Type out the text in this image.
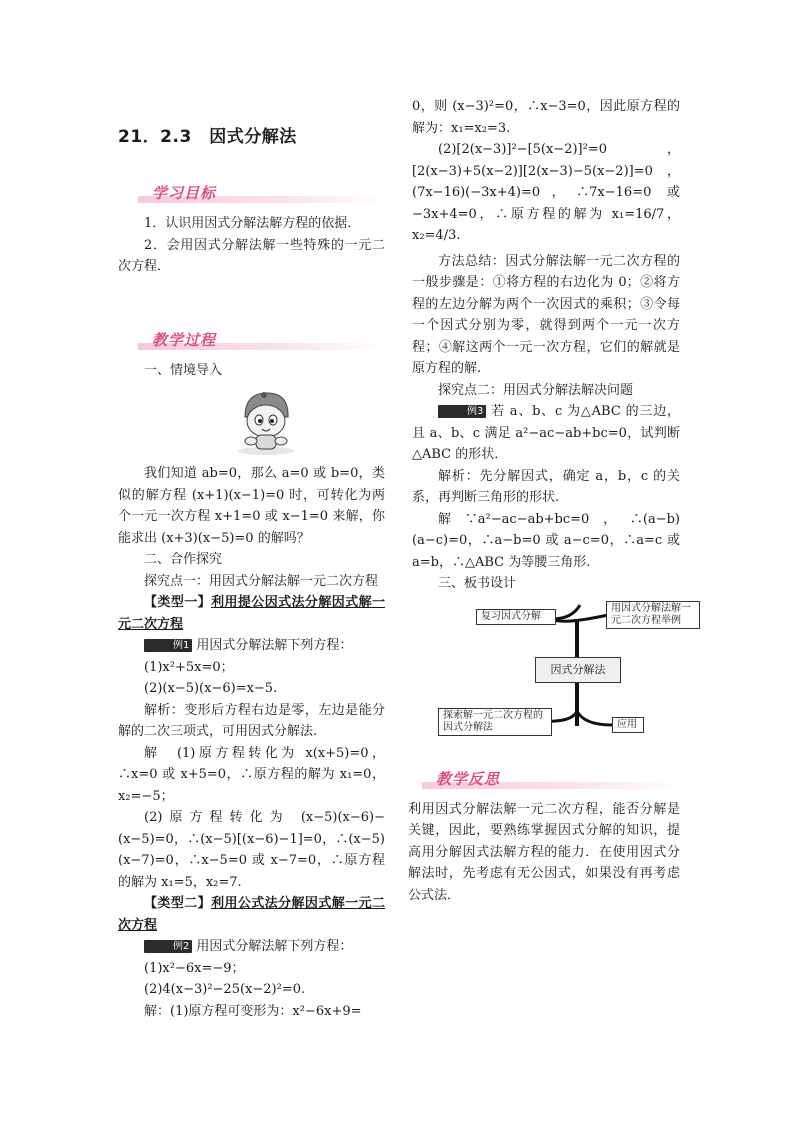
21．2.3　因式分解法
学习目标

1．认识用因式分解法解方程的依据．

2．会用因式分解法解一些特殊的一元二次方程．

教学过程

一、情境导入

我们知道 ab=0，那么 a=0 或 b=0，类似的解方程 (x+1)(x−1)=0 时，可转化为两个一元一次方程 x+1=0 或 x−1=0 来解，你能求出 (x+3)(x−5)=0 的解吗？

二、合作探究

探究点一：用因式分解法解一元二次方程

【类型一】利用提公因式法分解因式解一元二次方程

例1 用因式分解法解下列方程：

(1)x²+5x=0；

(2)(x−5)(x−6)=x−5.

解析：变形后方程右边是零，左边是能分解的二次三项式，可用因式分解法.

解　(1)原方程转化为 x(x+5)=0，∴x=0 或 x+5=0，∴原方程的解为 x₁=0，x₂=−5；

(2)原方程转化为 (x−5)(x−6)−(x−5)=0，∴(x−5)[(x−6)−1]=0，∴(x−5)(x−7)=0，∴x−5=0 或 x−7=0，∴原方程的解为 x₁=5，x₂=7.

【类型二】利用公式法分解因式解一元二次方程

例2 用因式分解法解下列方程：

(1)x²−6x=−9；

(2)4(x−3)²−25(x−2)²=0.

解：(1)原方程可变形为：x²−6x+9=

0，则 (x−3)²=0，∴x−3=0，因此原方程的解为：x₁=x₂=3.

(2)[2(x−3)]²−[5(x−2)]²=0，[2(x−3)+5(x−2)][2(x−3)−5(x−2)]=0，(7x−16)(−3x+4)=0，∴7x−16=0 或−3x+4=0，∴原方程的解为 x₁=16/7，x₂=4/3.

方法总结：因式分解法解一元二次方程的一般步骤是：①将方程的右边化为 0；②将方程的左边分解为两个一次因式的乘积；③令每一个因式分别为零，就得到两个一元一次方程；④解这两个一元一次方程，它们的解就是原方程的解.

探究点二：用因式分解法解决问题

例3 若 a、b、c 为△ABC 的三边，且 a、b、c 满足 a²−ac−ab+bc=0，试判断△ABC 的形状．

解析：先分解因式，确定 a，b，c 的关系，再判断三角形的形状.

解∵a²−ac−ab+bc=0，∴(a−b)(a−c)=0，∴a−b=0 或 a−c=0，∴a=c 或 a=b，∴△ABC 为等腰三角形.

三、板书设计

复习因式分解
用因式分解法解一元二次方程举例
因式分解法
探索解一元二次方程的因式分解法	应用
教学反思

利用因式分解法解一元二次方程，能否分解是关键，因此，要熟练掌握因式分解的知识，提高用分解因式法解方程的能力．在使用因式分解法时，先考虑有无公因式，如果没有再考虑公式法．
